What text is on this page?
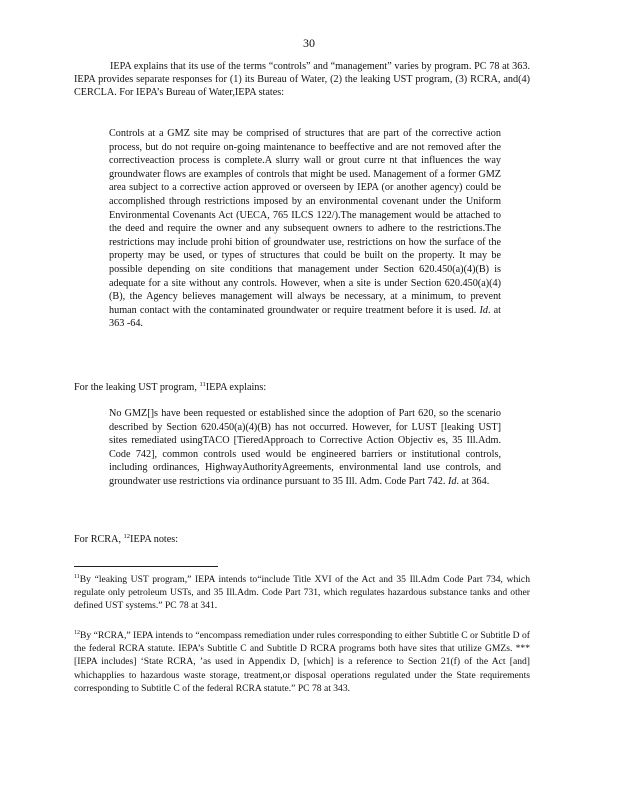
30

IEPA explains that its use of the terms “controls” and “management” varies by program. PC 78 at 363. IEPA provides separate responses for (1) its Bureau of Water, (2) the leaking UST program, (3) RCRA, and(4) CERCLA. For IEPA’s Bureau of Water,IEPA states:

Controls at a GMZ site may be comprised of structures that are part of the corrective action process, but do not require on-going maintenance to beeffective and are not removed after the correctiveaction process is complete.A slurry wall or grout curre nt that influences the way groundwater flows are examples of controls that might be used. Management of a former GMZ area subject to a corrective action approved or overseen by IEPA (or another agency) could be accomplished through restrictions imposed by an environmental covenant under the Uniform Environmental Covenants Act (UECA, 765 ILCS 122/).The management would be attached to the deed and require the owner and any subsequent owners to adhere to the restrictions.The restrictions may include prohi bition of groundwater use, restrictions on how the surface of the property may be used, or types of structures that could be built on the property. It may be possible depending on site conditions that management under Section 620.450(a)(4)(B) is adequate for a site without any controls. However, when a site is under Section 620.450(a)(4)(B), the Agency believes management will always be necessary, at a minimum, to prevent human contact with the contaminated groundwater or require treatment before it is used. Id. at 363 -64.
For the leaking UST program, $^{11}$IEPA explains:
No GMZ[]s have been requested or established since the adoption of Part 620, so the scenario described by Section 620.450(a)(4)(B) has not occurred. However, for LUST [leaking UST] sites remediated usingTACO [TieredApproach to Corrective Action Objectiv es, 35 Ill.Adm. Code 742], common controls used would be engineered barriers or institutional controls, including ordinances, HighwayAuthorityAgreements, environmental land use controls, and groundwater use restrictions via ordinance pursuant to 35 Ill. Adm. Code Part 742. Id. at 364.
For RCRA, $^{12}$IEPA notes:
$^{11}$By “leaking UST program,” IEPA intends to“include Title XVI of the Act and 35 Ill.Adm Code Part 734, which regulate only petroleum USTs, and 35 Ill.Adm. Code Part 731, which regulates hazardous substance tanks and other defined UST systems.” PC 78 at 341.
$^{12}$By “RCRA,” IEPA intends to “encompass remediation under rules corresponding to either Subtitle C or Subtitle D of the federal RCRA statute. IEPA’s Subtitle C and Subtitle D RCRA programs both have sites that utilize GMZs. *** [IEPA includes] ‘State RCRA, ’as used in Appendix D, [which] is a reference to Section 21(f) of the Act [and] whichapplies to hazardous waste storage, treatment,or disposal operations regulated under the State requirements corresponding to Subtitle C of the federal RCRA statute.” PC 78 at 343.
